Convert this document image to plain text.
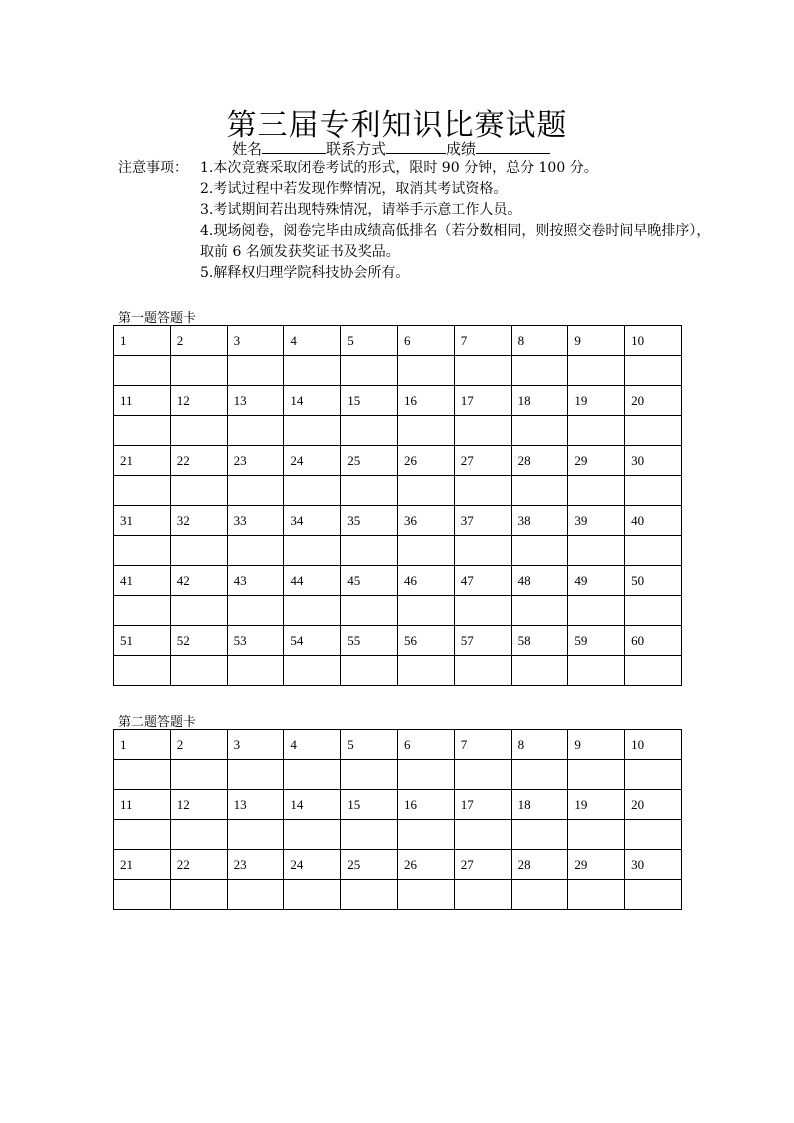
第三届专利知识比赛试题
姓名	联系方式	成绩
注意事项： 1.本次竞赛采取闭卷考试的形式，限时 90 分钟，总分 100 分。

2.考试过程中若发现作弊情况，取消其考试资格。

3.考试期间若出现特殊情况，请举手示意工作人员。

4.现场阅卷，阅卷完毕由成绩高低排名（若分数相同，则按照交卷时间早晚排序），取前 6 名颁发获奖证书及奖品。

5.解释权归理学院科技协会所有。

第一题答题卡
1	2	3	4	5	6	7	8	9	10

11	12	13	14	15	16	17	18	19	20

21	22	23	24	25	26	27	28	29	30

31	32	33	34	35	36	37	38	39	40

41	42	43	44	45	46	47	48	49	50

51	52	53	54	55	56	57	58	59	60

第二题答题卡
1	2	3	4	5	6	7	8	9	10

11	12	13	14	15	16	17	18	19	20

21	22	23	24	25	26	27	28	29	30
